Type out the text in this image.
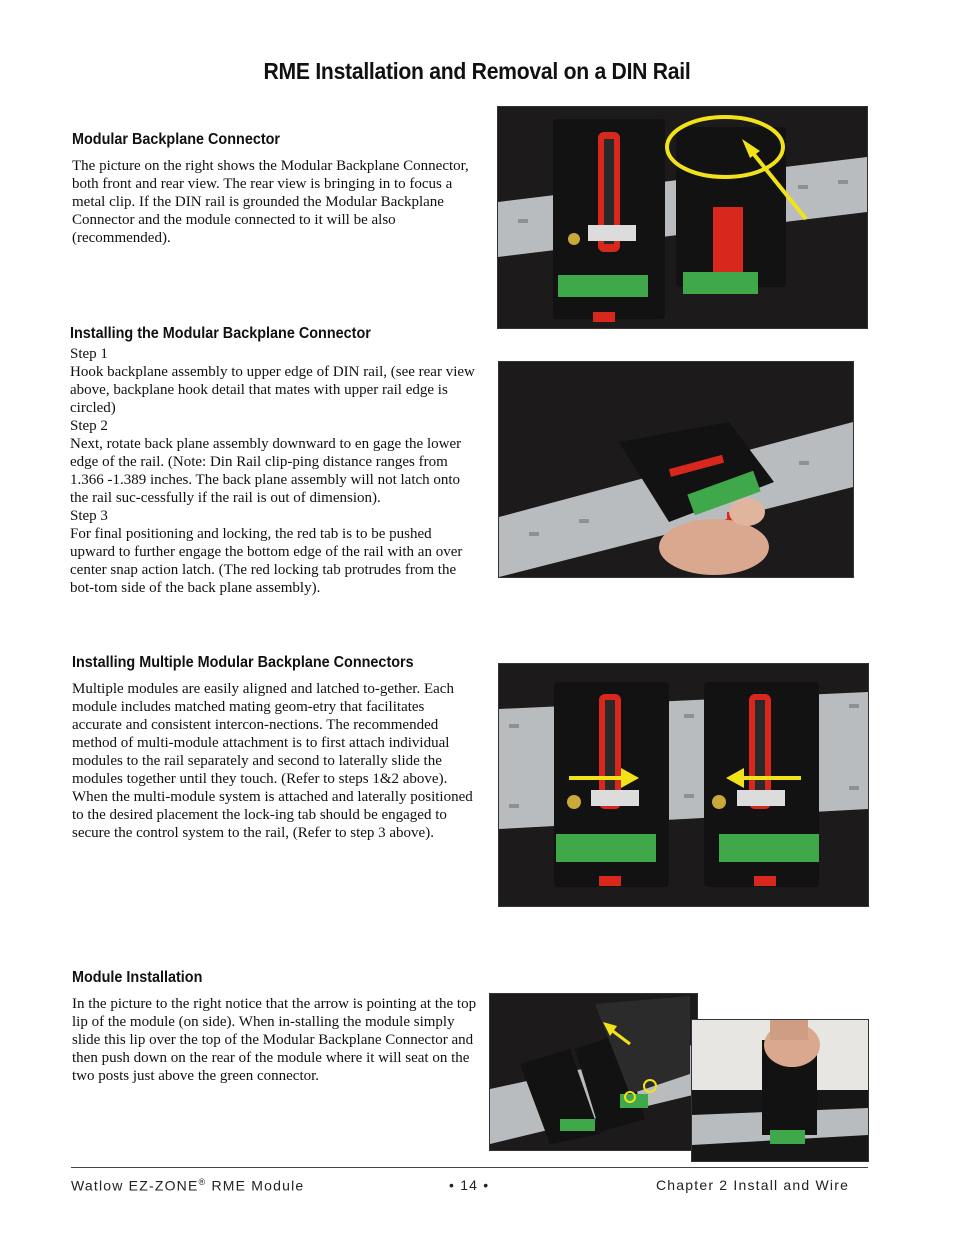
RME Installation and Removal on a DIN Rail
Modular Backplane Connector

The picture on the right shows the Modular Backplane Connector, both front and rear view. The rear view is bringing in to focus a metal clip. If the DIN rail is grounded the Modular Backplane Connector and the module connected to it will be also (recommended).

Installing the Modular Backplane Connector

Step 1

Hook backplane assembly to upper edge of DIN rail, (see rear view above, backplane hook detail that mates with upper rail edge is circled)

Step 2

Next, rotate back plane assembly downward to en gage the lower edge of the rail. (Note: Din Rail clip-ping distance ranges from 1.366 -1.389 inches. The back plane assembly will not latch onto the rail suc-cessfully if the rail is out of dimension).

Step 3

For final positioning and locking, the red tab is to be pushed upward to further engage the bottom edge of the rail with an over center snap action latch. (The red locking tab protrudes from the bot-tom side of the back plane assembly).

Installing Multiple Modular Backplane Connectors

Multiple modules are easily aligned and latched to-gether. Each module includes matched mating geom-etry that facilitates accurate and consistent intercon-nections. The recommended method of multi-module attachment is to first attach individual modules to the rail separately and second to laterally slide the modules together until they touch. (Refer to steps 1&2 above). When the multi-module system is attached and laterally positioned to the desired placement the lock-ing tab should be engaged to secure the control system to the rail, (Refer to step 3 above).

Module Installation

In the picture to the right notice that the arrow is pointing at the top lip of the module (on side). When in-stalling the module simply slide this lip over the top of the Modular Backplane Connector and then push down on the rear of the module where it will seat on the two posts just above the green connector.

Watlow EZ-ZONE® RME Module	• 14 •	Chapter 2 Install and Wire
